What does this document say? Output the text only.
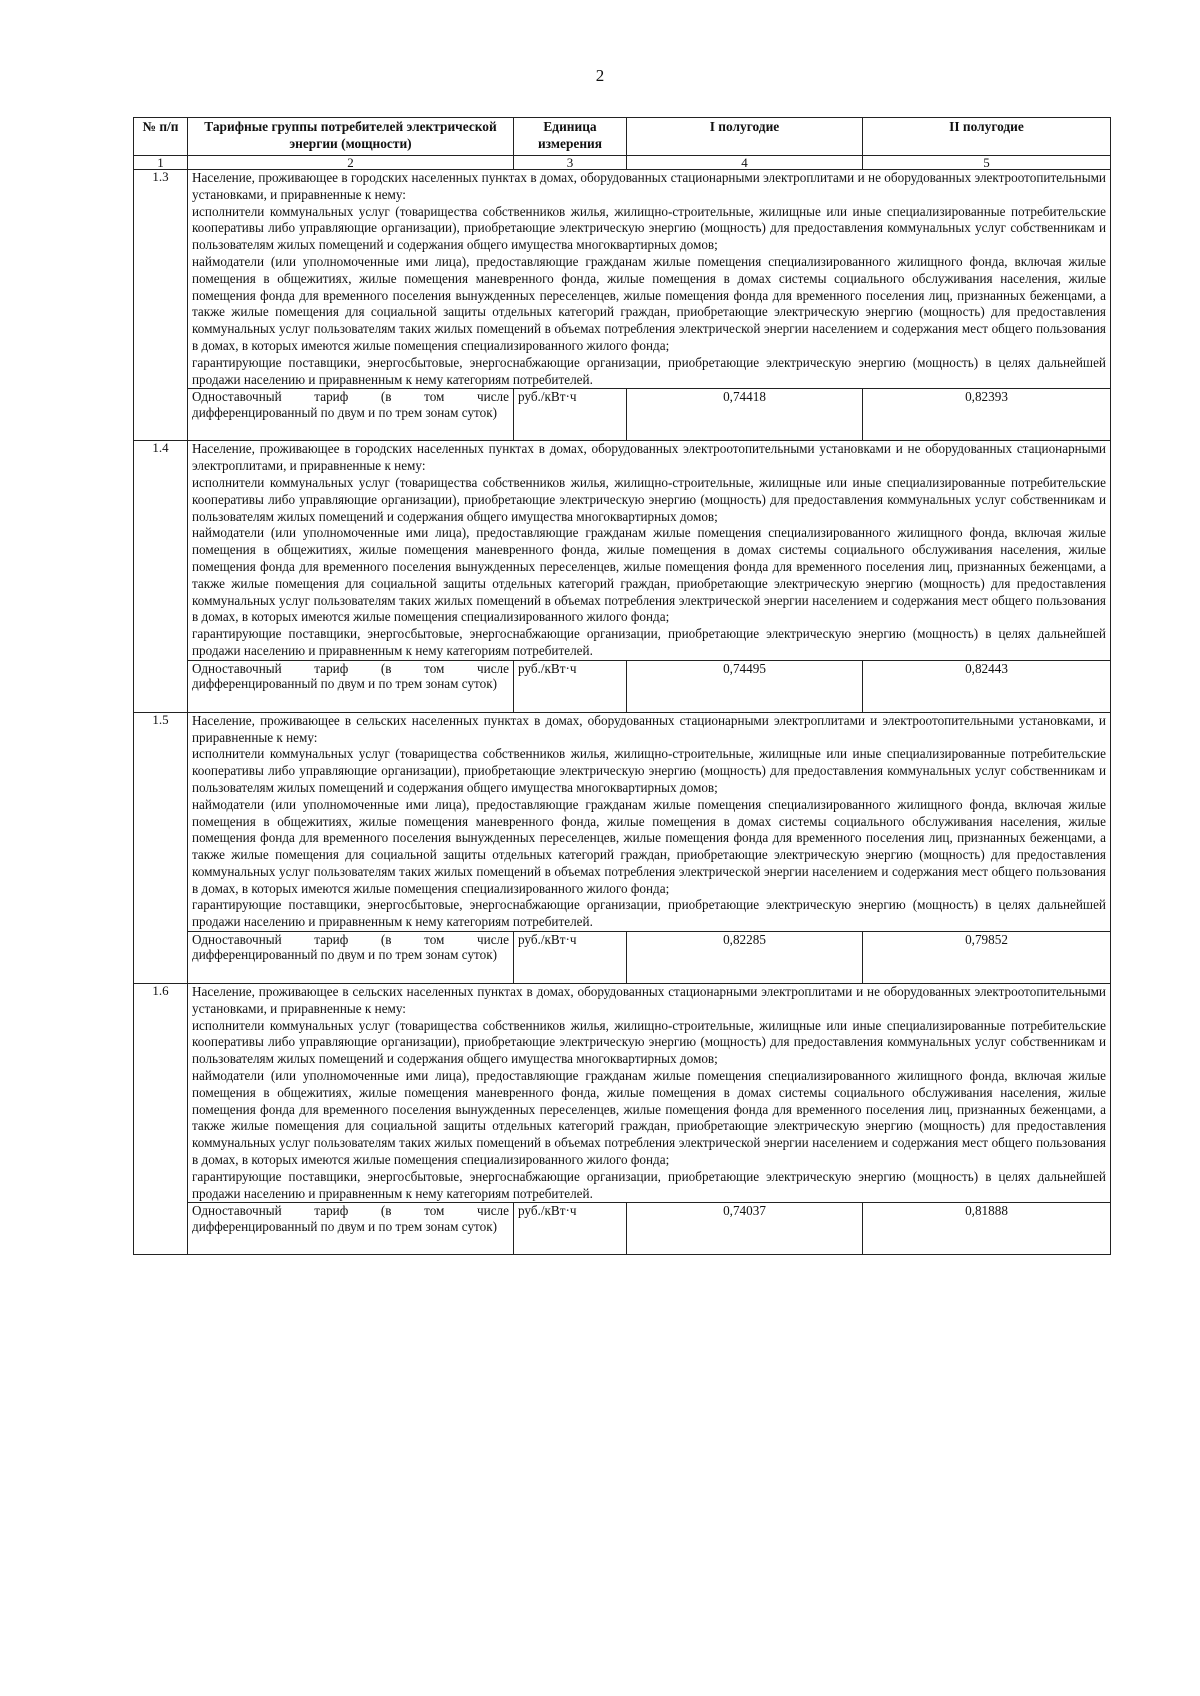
2
№ п/п	Тарифные группы потребителей электрической энергии (мощности)	Единица измерения	I полугодие	II полугодие
1	2	3	4	5
1.3	Население, проживающее в городских населенных пунктах в домах, оборудованных стационарными электроплитами и не оборудованных электроотопительными установками, и приравненные к нему:

исполнители коммунальных услуг (товарищества собственников жилья, жилищно-строительные, жилищные или иные специализированные потребительские кооперативы либо управляющие организации), приобретающие электрическую энергию (мощность) для предоставления коммунальных услуг собственникам и пользователям жилых помещений и содержания общего имущества многоквартирных домов;

наймодатели (или уполномоченные ими лица), предоставляющие гражданам жилые помещения специализированного жилищного фонда, включая жилые помещения в общежитиях, жилые помещения маневренного фонда, жилые помещения в домах системы социального обслуживания населения, жилые помещения фонда для временного поселения вынужденных переселенцев, жилые помещения фонда для временного поселения лиц, признанных беженцами, а также жилые помещения для социальной защиты отдельных категорий граждан, приобретающие электрическую энергию (мощность) для предоставления коммунальных услуг пользователям таких жилых помещений в объемах потребления электрической энергии населением и содержания мест общего пользования в домах, в которых имеются жилые помещения специализированного жилого фонда;

гарантирующие поставщики, энергосбытовые, энергоснабжающие организации, приобретающие электрическую энергию (мощность) в целях дальнейшей продажи населению и приравненным к нему категориям потребителей.			

	Одноставочный тариф (в том числе дифференцированный по двум и по трем зонам суток)	руб./кВт·ч	0,74418	0,82393
1.4	Население, проживающее в городских населенных пунктах в домах, оборудованных электроотопительными установками и не оборудованных стационарными электроплитами, и приравненные к нему:

исполнители коммунальных услуг (товарищества собственников жилья, жилищно-строительные, жилищные или иные специализированные потребительские кооперативы либо управляющие организации), приобретающие электрическую энергию (мощность) для предоставления коммунальных услуг собственникам и пользователям жилых помещений и содержания общего имущества многоквартирных домов;

наймодатели (или уполномоченные ими лица), предоставляющие гражданам жилые помещения специализированного жилищного фонда, включая жилые помещения в общежитиях, жилые помещения маневренного фонда, жилые помещения в домах системы социального обслуживания населения, жилые помещения фонда для временного поселения вынужденных переселенцев, жилые помещения фонда для временного поселения лиц, признанных беженцами, а также жилые помещения для социальной защиты отдельных категорий граждан, приобретающие электрическую энергию (мощность) для предоставления коммунальных услуг пользователям таких жилых помещений в объемах потребления электрической энергии населением и содержания мест общего пользования в домах, в которых имеются жилые помещения специализированного жилого фонда;

гарантирующие поставщики, энергосбытовые, энергоснабжающие организации, приобретающие электрическую энергию (мощность) в целях дальнейшей продажи населению и приравненным к нему категориям потребителей.			

	Одноставочный тариф (в том числе дифференцированный по двум и по трем зонам суток)	руб./кВт·ч	0,74495	0,82443
1.5	Население, проживающее в сельских населенных пунктах в домах, оборудованных стационарными электроплитами и электроотопительными установками, и приравненные к нему:

исполнители коммунальных услуг (товарищества собственников жилья, жилищно-строительные, жилищные или иные специализированные потребительские кооперативы либо управляющие организации), приобретающие электрическую энергию (мощность) для предоставления коммунальных услуг собственникам и пользователям жилых помещений и содержания общего имущества многоквартирных домов;

наймодатели (или уполномоченные ими лица), предоставляющие гражданам жилые помещения специализированного жилищного фонда, включая жилые помещения в общежитиях, жилые помещения маневренного фонда, жилые помещения в домах системы социального обслуживания населения, жилые помещения фонда для временного поселения вынужденных переселенцев, жилые помещения фонда для временного поселения лиц, признанных беженцами, а также жилые помещения для социальной защиты отдельных категорий граждан, приобретающие электрическую энергию (мощность) для предоставления коммунальных услуг пользователям таких жилых помещений в объемах потребления электрической энергии населением и содержания мест общего пользования в домах, в которых имеются жилые помещения специализированного жилого фонда;

гарантирующие поставщики, энергосбытовые, энергоснабжающие организации, приобретающие электрическую энергию (мощность) в целях дальнейшей продажи населению и приравненным к нему категориям потребителей.			

	Одноставочный тариф (в том числе дифференцированный по двум и по трем зонам суток)	руб./кВт·ч	0,82285	0,79852
1.6	Население, проживающее в сельских населенных пунктах в домах, оборудованных стационарными электроплитами и не оборудованных электроотопительными установками, и приравненные к нему:

исполнители коммунальных услуг (товарищества собственников жилья, жилищно-строительные, жилищные или иные специализированные потребительские кооперативы либо управляющие организации), приобретающие электрическую энергию (мощность) для предоставления коммунальных услуг собственникам и пользователям жилых помещений и содержания общего имущества многоквартирных домов;

наймодатели (или уполномоченные ими лица), предоставляющие гражданам жилые помещения специализированного жилищного фонда, включая жилые помещения в общежитиях, жилые помещения маневренного фонда, жилые помещения в домах системы социального обслуживания населения, жилые помещения фонда для временного поселения вынужденных переселенцев, жилые помещения фонда для временного поселения лиц, признанных беженцами, а также жилые помещения для социальной защиты отдельных категорий граждан, приобретающие электрическую энергию (мощность) для предоставления коммунальных услуг пользователям таких жилых помещений в объемах потребления электрической энергии населением и содержания мест общего пользования в домах, в которых имеются жилые помещения специализированного жилого фонда;

гарантирующие поставщики, энергосбытовые, энергоснабжающие организации, приобретающие электрическую энергию (мощность) в целях дальнейшей продажи населению и приравненным к нему категориям потребителей.			

	Одноставочный тариф (в том числе дифференцированный по двум и по трем зонам суток)	руб./кВт·ч	0,74037	0,81888
